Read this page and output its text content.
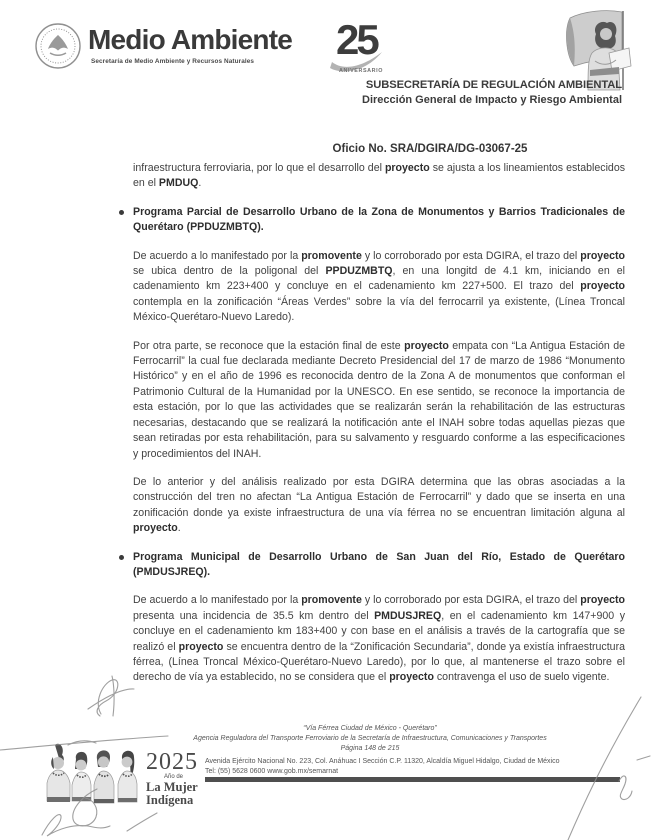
Medio Ambiente
Secretaría de Medio Ambiente y Recursos Naturales 25
ANIVERSARIO
SUBSECRETARÍA DE REGULACIÓN AMBIENTAL
Dirección General de Impacto y Riesgo Ambiental
Oficio No. SRA/DGIRA/DG-03067-25

infraestructura ferroviaria, por lo que el desarrollo del proyecto se ajusta a los lineamientos establecidos en el PMDUQ.

Programa Parcial de Desarrollo Urbano de la Zona de Monumentos y Barrios Tradicionales de Querétaro (PPDUZMBTQ).

De acuerdo a lo manifestado por la promovente y lo corroborado por esta DGIRA, el trazo del proyecto se ubica dentro de la poligonal del PPDUZMBTQ, en una longitd de 4.1 km, iniciando en el cadenamiento km 223+400 y concluye en el cadenamiento km 227+500. El trazo del proyecto contempla en la zonificación “Áreas Verdes” sobre la vía del ferrocarril ya existente, (Línea Troncal México-Querétaro-Nuevo Laredo).

Por otra parte, se reconoce que la estación final de este proyecto empata con “La Antigua Estación de Ferrocarril” la cual fue declarada mediante Decreto Presidencial del 17 de marzo de 1986 “Monumento Histórico” y en el año de 1996 es reconocida dentro de la Zona A de monumentos que conforman el Patrimonio Cultural de la Humanidad por la UNESCO. En ese sentido, se reconoce la importancia de esta estación, por lo que las actividades que se realizarán serán la rehabilitación de las estructuras necesarias, destacando que se realizará la notificación ante el INAH sobre todas aquellas piezas que sean retiradas por esta rehabilitación, para su salvamento y resguardo conforme a las especificaciones y procedimientos del INAH.

De lo anterior y del análisis realizado por esta DGIRA determina que las obras asociadas a la construcción del tren no afectan “La Antigua Estación de Ferrocarril” y dado que se inserta en una zonificación donde ya existe infraestructura de una vía férrea no se encuentran limitación alguna al proyecto.

Programa Municipal de Desarrollo Urbano de San Juan del Río, Estado de Querétaro (PMDUSJREQ).

De acuerdo a lo manifestado por la promovente y lo corroborado por esta DGIRA, el trazo del proyecto presenta una incidencia de 35.5 km dentro del PMDUSJREQ, en el cadenamiento km 147+900 y concluye en el cadenamiento km 183+400 y con base en el análisis a través de la cartografía que se realizó el proyecto se encuentra dentro de la “Zonificación Secundaria”, donde ya existía infraestructura férrea, (Línea Troncal México-Querétaro-Nuevo Laredo), por lo que, al mantenerse el trazo sobre el derecho de vía ya establecido, no se considera que el proyecto contravenga el uso de suelo vigente.

2025
Año de
La Mujer
Indígena
“Vía Férrea Ciudad de México - Querétaro”
Agencia Reguladora del Transporte Ferroviario de la Secretaría de Infraestructura, Comunicaciones y Transportes
Página 148 de 215
Avenida Ejército Nacional No. 223, Col. Anáhuac I Sección C.P. 11320, Alcaldía Miguel Hidalgo, Ciudad de México
Tel: (55) 5628 0600 www.gob.mx/semarnat
